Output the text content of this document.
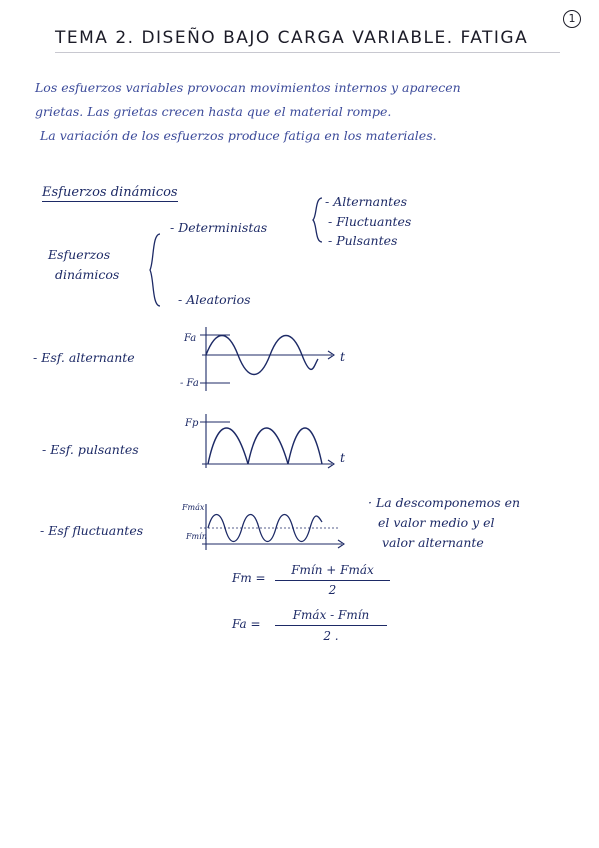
TEMA 2. DISEÑO BAJO CARGA VARIABLE. FATIGA
1
Los esfuerzos variables provocan movimientos internos y aparecen
grietas. Las grietas crecen hasta que el material rompe.
La variación de los esfuerzos produce fatiga en los materiales.
Esfuerzos dinámicos
Esfuerzos
dinámicos
- Deterministas
- Aleatorios
- Alternantes
- Fluctuantes
- Pulsantes
- Esf. alternante
Fa
- Fa
t
- Esf. pulsantes
Fp
t
- Esf fluctuantes
Fmáx
Fmín
· La descomponemos en
el valor medio y el
valor alternante
Fm =
Fmín + Fmáx
2
Fa =
Fmáx - Fmín
2 .
